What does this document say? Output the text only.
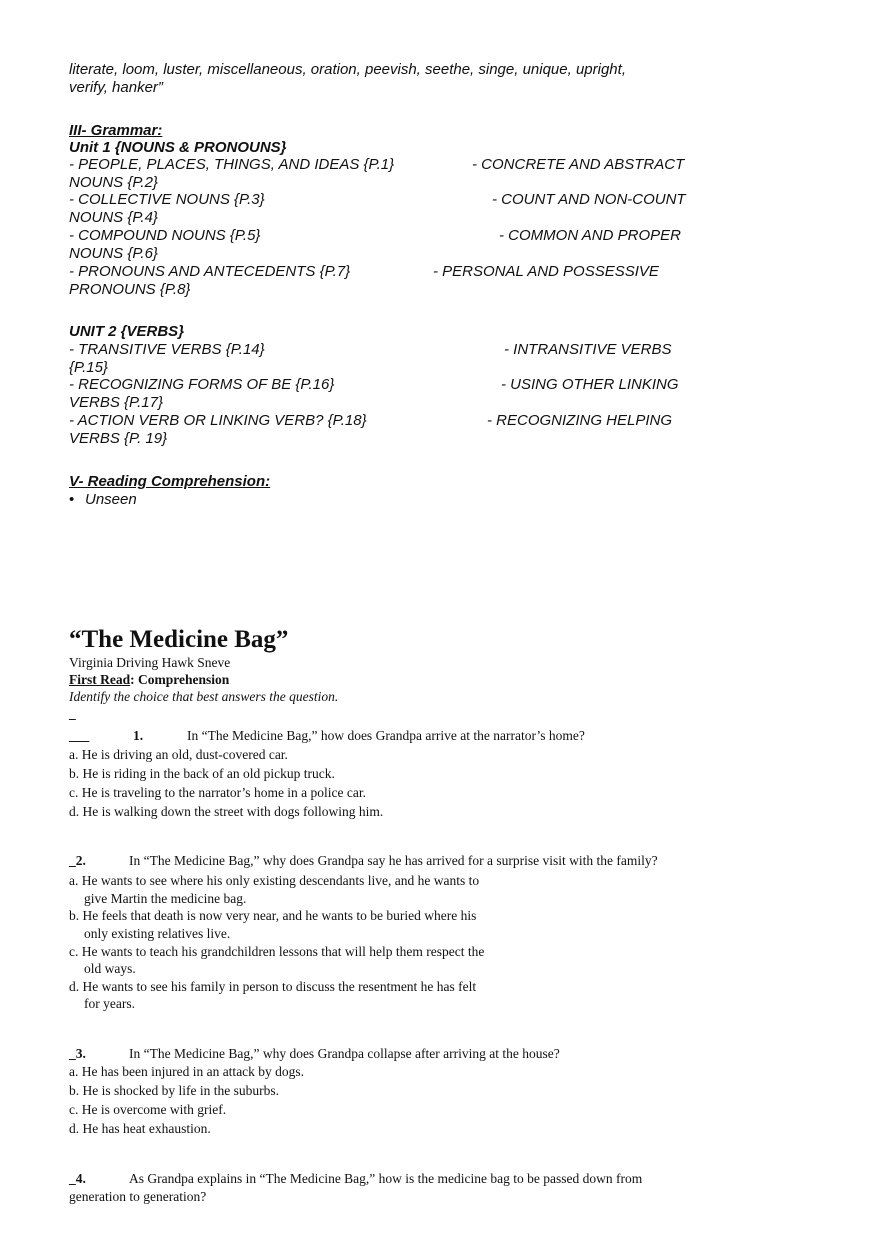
literate, loom, luster, miscellaneous, oration, peevish, seethe, singe, unique, upright,
verify, hanker”
III- Grammar:
Unit 1 {NOUNS & PRONOUNS}
- PEOPLE, PLACES, THINGS, AND IDEAS {P.1}	- CONCRETE AND ABSTRACT
NOUNS {P.2}
- COLLECTIVE NOUNS {P.3}	- COUNT AND NON-COUNT
NOUNS {P.4}
- COMPOUND NOUNS {P.5}	- COMMON AND PROPER
NOUNS {P.6}
- PRONOUNS AND ANTECEDENTS {P.7}	- PERSONAL AND POSSESSIVE
PRONOUNS {P.8}
UNIT 2 {VERBS}
- TRANSITIVE VERBS {P.14}	- INTRANSITIVE VERBS
{P.15}
- RECOGNIZING FORMS OF BE {P.16}	- USING OTHER LINKING
VERBS {P.17}
- ACTION VERB OR LINKING VERB? {P.18}	- RECOGNIZING HELPING
VERBS {P. 19}
V- Reading Comprehension:
• Unseen
“The Medicine Bag”
Virginia Driving Hawk Sneve
First Read: Comprehension
Identify the choice that best answers the question.
_
___	1.	In “The Medicine Bag,” how does Grandpa arrive at the narrator’s home?
a. He is driving an old, dust-covered car.
b. He is riding in the back of an old pickup truck.
c. He is traveling to the narrator’s home in a police car.
d. He is walking down the street with dogs following him.
_2.	In “The Medicine Bag,” why does Grandpa say he has arrived for a surprise visit with the family?
a. He wants to see where his only existing descendants live, and he wants to
give Martin the medicine bag.
b. He feels that death is now very near, and he wants to be buried where his
only existing relatives live.
c. He wants to teach his grandchildren lessons that will help them respect the
old ways.
d. He wants to see his family in person to discuss the resentment he has felt
for years.
_3.	In “The Medicine Bag,” why does Grandpa collapse after arriving at the house?
a. He has been injured in an attack by dogs.
b. He is shocked by life in the suburbs.
c. He is overcome with grief.
d. He has heat exhaustion.
_4.	As Grandpa explains in “The Medicine Bag,” how is the medicine bag to be passed down from
generation to generation?
